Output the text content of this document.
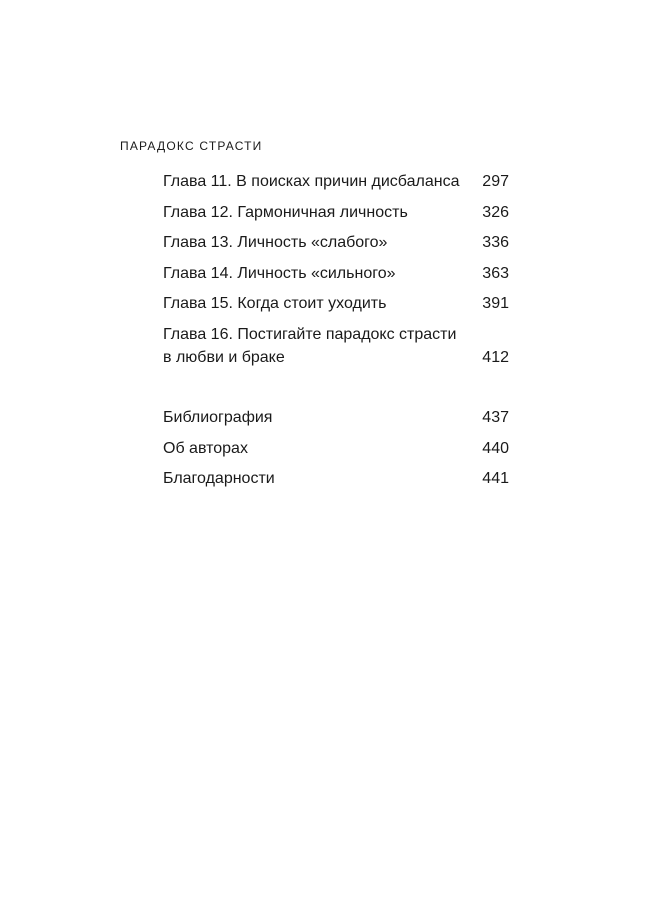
ПАРАДОКС СТРАСТИ
Глава 11. В поисках причин дисбаланса 297
Глава 12. Гармоничная личность	326
Глава 13. Личность «слабого»	336
Глава 14. Личность «сильного»	363
Глава 15. Когда стоит уходить	391
Глава 16. Постигайте парадокс страсти
в любви и браке	412
Библиография	437
Об авторах	440
Благодарности	441
